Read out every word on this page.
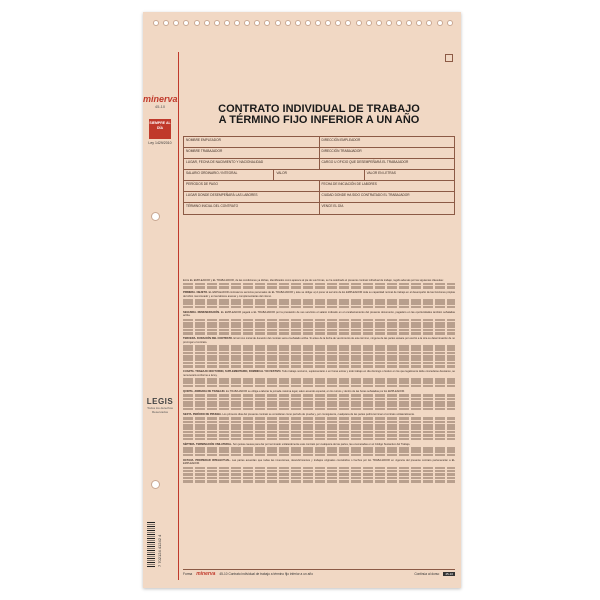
minerva
45-10
SIEMPRE AL DÍA
Ley 1429/2010
LEGIS
Todos los derechos Reservados
7 702124 41242 4
CONTRATO INDIVIDUAL DE TRABAJO
A TÉRMINO FIJO INFERIOR A UN AÑO
NOMBRE EMPLEADOR	DIRECCIÓN EMPLEADOR
NOMBRE TRABAJADOR	DIRECCIÓN TRABAJADOR
LUGAR, FECHA DE NACIMIENTO Y NACIONALIDAD	CARGO U OFICIO QUE DESEMPEÑARÁ EL TRABAJADOR
SALARIO ORDINARIO / INTEGRAL	VALOR	VALOR EN LETRAS
PERÍODOS DE PAGO	FECHA DE INICIACIÓN DE LABORES
LUGAR DONDE DESEMPEÑARÁ LAS LABORES	CIUDAD DONDE HA SIDO CONTRATADO EL TRABAJADOR
TÉRMINO INICIAL DEL CONTRATO	VENCE EL DÍA

Entre EL EMPLEADOR y EL TRABAJADOR, de las condiciones ya dichas, identificados como aparece al pie de sus firmas, se ha celebrado el presente contrato individual de trabajo, regido además por las siguientes cláusulas:

PRIMERA. OBJETO. EL EMPLEADOR contrata los servicios personales de EL TRABAJADOR y éste se obliga: a) A poner al servicio de EL EMPLEADOR toda su capacidad normal de trabajo en el desempeño de las funciones propias del oficio mencionado y en las labores anexas y complementarias del mismo.

SEGUNDA. REMUNERACIÓN. EL EMPLEADOR pagará a EL TRABAJADOR por la prestación de sus servicios el salario indicado en el encabezamiento del presente documento, pagadero en las oportunidades también señaladas arriba.

TERCERA. DURACIÓN DEL CONTRATO. El término inicial de duración del contrato será el señalado arriba. Si antes de la fecha de vencimiento de este término, ninguna de las partes avisare por escrito a la otra su determinación de no prorrogar el contrato.

CUARTA. TRABAJO NOCTURNO, SUPLEMENTARIO, DOMINICAL Y/O FESTIVO. Todo trabajo nocturno, suplementario o en horas extras y todo trabajo en día domingo o festivo en los que legalmente debe concederse descanso, se remunerará conforme a la ley.

QUINTA. JORNADA DE TRABAJO. EL TRABAJADOR se obliga a laborar la jornada máxima legal, salvo acuerdo especial, en los turnos y dentro de las horas señaladas por EL EMPLEADOR.

SEXTA. PERÍODO DE PRUEBA. Los primeros días del presente contrato se consideran como período de prueba y, por consiguiente, cualquiera de las partes podrá terminar el contrato unilateralmente.

SÉPTIMA. TERMINACIÓN UNILATERAL. Son justas causas para dar por terminado unilateralmente este contrato por cualquiera de las partes, las enumeradas en el Código Sustantivo del Trabajo.

OCTAVA. PROPIEDAD INTELECTUAL. Las partes acuerdan que todas las invenciones, descubrimientos y trabajos originales concebidos o hechos por EL TRABAJADOR en vigencia del presente contrato pertenecerán a EL EMPLEADOR.

Forma minerva 45-10 Contrato individual de trabajo a término fijo inferior a un año	Continúa al dorso	45-10
